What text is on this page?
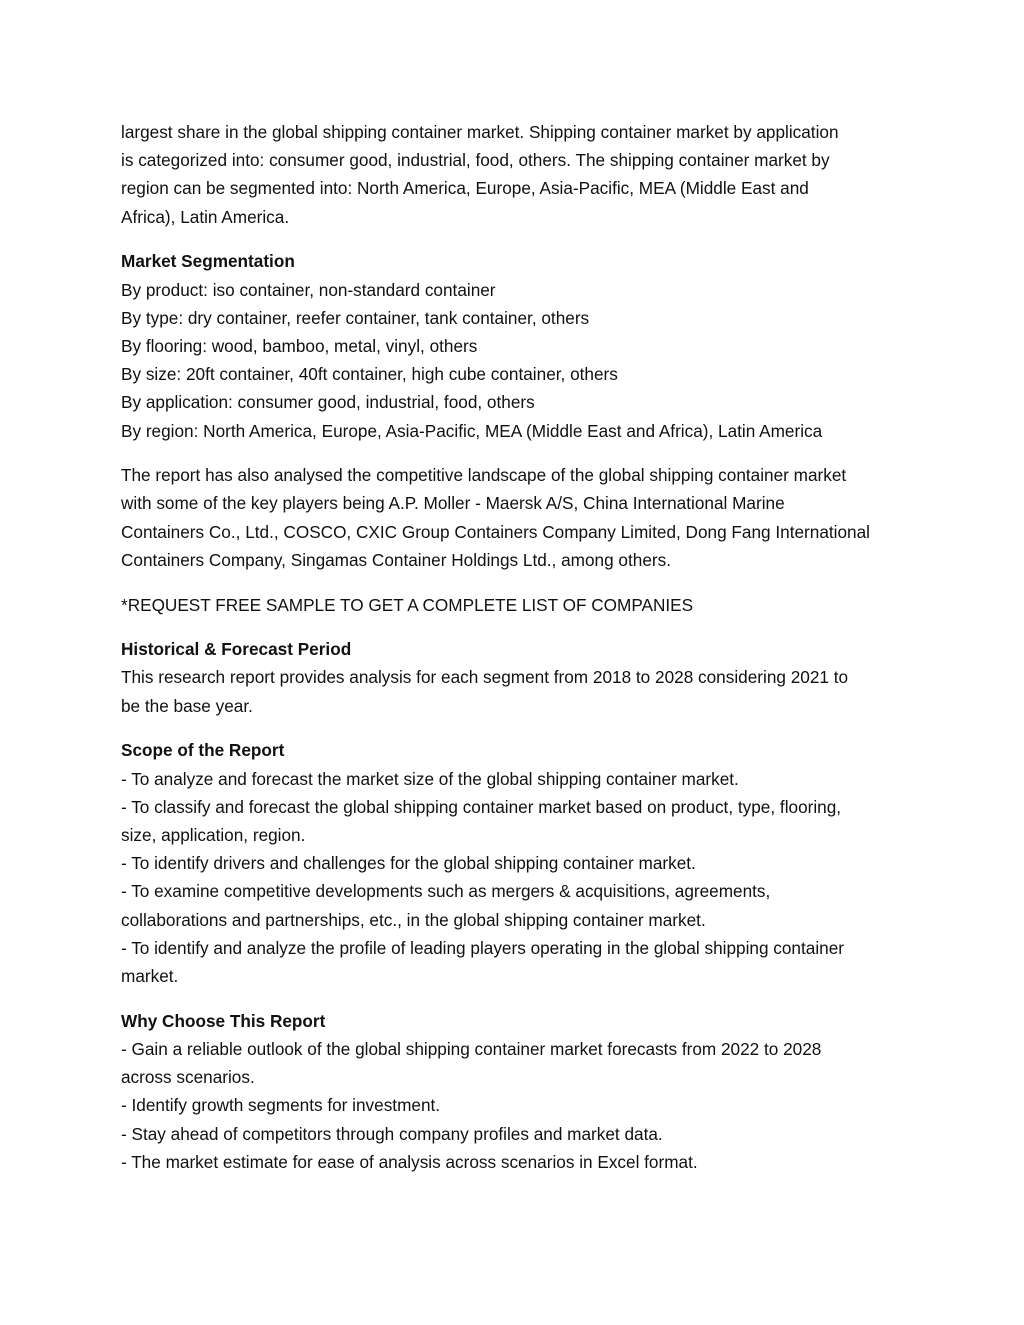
largest share in the global shipping container market. Shipping container market by application
is categorized into: consumer good, industrial, food, others. The shipping container market by
region can be segmented into: North America, Europe, Asia-Pacific, MEA (Middle East and
Africa), Latin America.

Market Segmentation
By product: iso container, non-standard container
By type: dry container, reefer container, tank container, others
By flooring: wood, bamboo, metal, vinyl, others
By size: 20ft container, 40ft container, high cube container, others
By application: consumer good, industrial, food, others
By region: North America, Europe, Asia-Pacific, MEA (Middle East and Africa), Latin America

The report has also analysed the competitive landscape of the global shipping container market
with some of the key players being A.P. Moller - Maersk A/S, China International Marine
Containers Co., Ltd., COSCO, CXIC Group Containers Company Limited, Dong Fang International
Containers Company, Singamas Container Holdings Ltd., among others.

*REQUEST FREE SAMPLE TO GET A COMPLETE LIST OF COMPANIES

Historical & Forecast Period
This research report provides analysis for each segment from 2018 to 2028 considering 2021 to
be the base year.
Scope of the Report
- To analyze and forecast the market size of the global shipping container market.
- To classify and forecast the global shipping container market based on product, type, flooring,
size, application, region.
- To identify drivers and challenges for the global shipping container market.
- To examine competitive developments such as mergers & acquisitions, agreements,
collaborations and partnerships, etc., in the global shipping container market.
- To identify and analyze the profile of leading players operating in the global shipping container
market.
Why Choose This Report
- Gain a reliable outlook of the global shipping container market forecasts from 2022 to 2028
across scenarios.
- Identify growth segments for investment.
- Stay ahead of competitors through company profiles and market data.
- The market estimate for ease of analysis across scenarios in Excel format.
